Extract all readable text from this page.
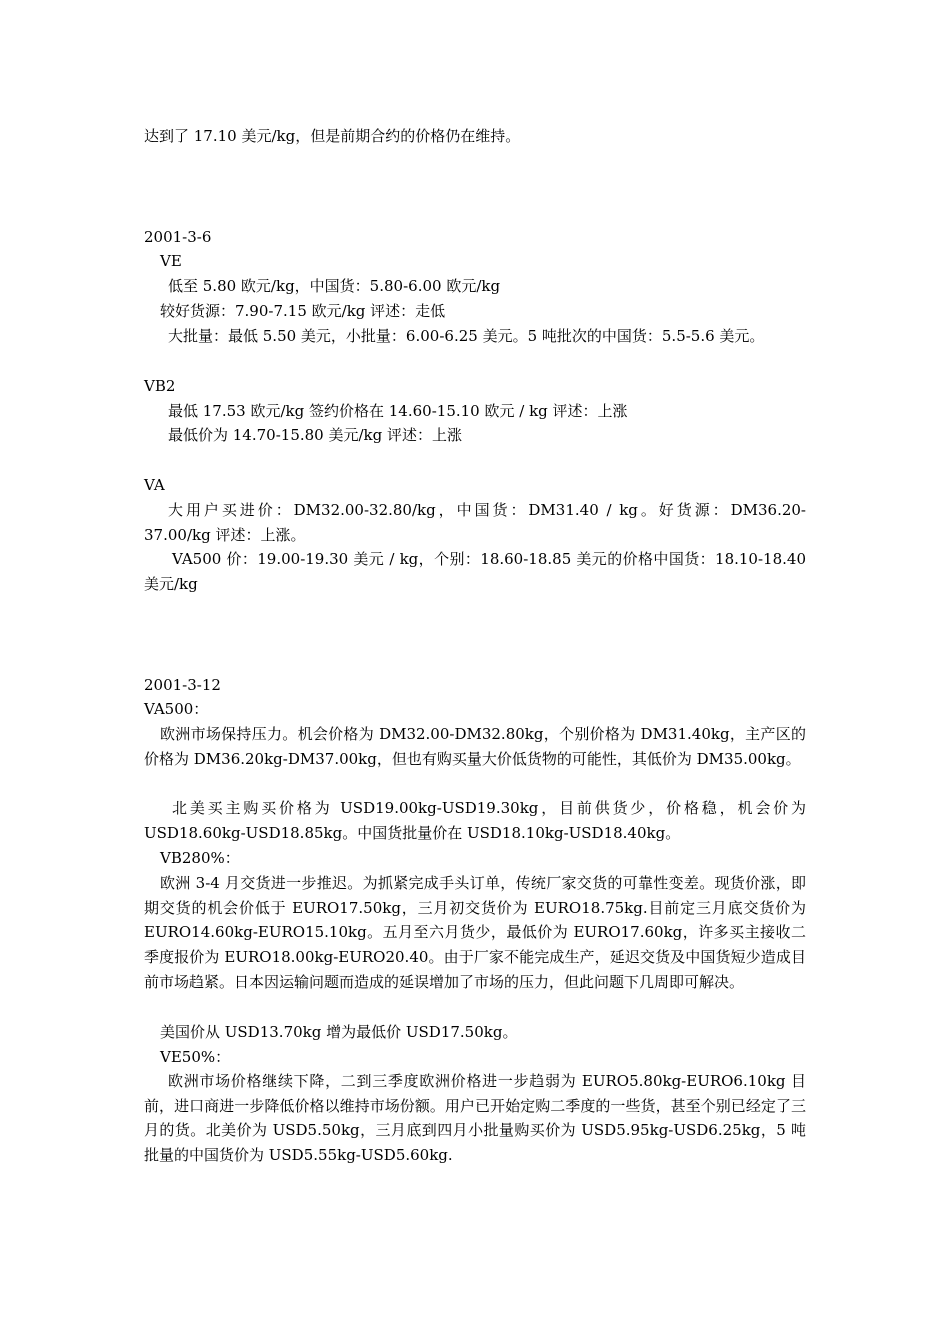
达到了 17.10 美元/kg，但是前期合约的价格仍在维持。
2001-3-6
VE
低至 5.80 欧元/kg，中国货：5.80-6.00 欧元/kg
较好货源：7.90-7.15 欧元/kg 评述：走低
大批量：最低 5.50 美元，小批量：6.00-6.25 美元。5 吨批次的中国货：5.5-5.6 美元。
VB2
最低 17.53 欧元/kg 签约价格在 14.60-15.10 欧元 / kg 评述：上涨
最低价为 14.70-15.80 美元/kg 评述：上涨
VA
大用户买进价：DM32.00-32.80/kg，中国货：DM31.40 / kg。好货源：DM36.20-37.00/kg 评述：上涨。
VA500 价：19.00-19.30 美元 / kg，个别：18.60-18.85 美元的价格中国货：18.10-18.40 美元/kg
2001-3-12
VA500：
欧洲市场保持压力。机会价格为 DM32.00-DM32.80kg，个别价格为 DM31.40kg，主产区的价格为 DM36.20kg-DM37.00kg，但也有购买量大价低货物的可能性，其低价为 DM35.00kg。
北美买主购买价格为 USD19.00kg-USD19.30kg，目前供货少，价格稳，机会价为 USD18.60kg-USD18.85kg。中国货批量价在 USD18.10kg-USD18.40kg。
VB280%：
欧洲 3-4 月交货进一步推迟。为抓紧完成手头订单，传统厂家交货的可靠性变差。现货价涨，即期交货的机会价低于 EURO17.50kg，三月初交货价为 EURO18.75kg.目前定三月底交货价为 EURO14.60kg-EURO15.10kg。五月至六月货少，最低价为 EURO17.60kg，许多买主接收二季度报价为 EURO18.00kg-EURO20.40。由于厂家不能完成生产，延迟交货及中国货短少造成目前市场趋紧。日本因运输问题而造成的延误增加了市场的压力，但此问题下几周即可解决。
美国价从 USD13.70kg 增为最低价 USD17.50kg。
VE50%：
欧洲市场价格继续下降，二到三季度欧洲价格进一步趋弱为 EURO5.80kg-EURO6.10kg 目前，进口商进一步降低价格以维持市场份额。用户已开始定购二季度的一些货，甚至个别已经定了三月的货。北美价为 USD5.50kg，三月底到四月小批量购买价为 USD5.95kg-USD6.25kg，5 吨批量的中国货价为 USD5.55kg-USD5.60kg.
